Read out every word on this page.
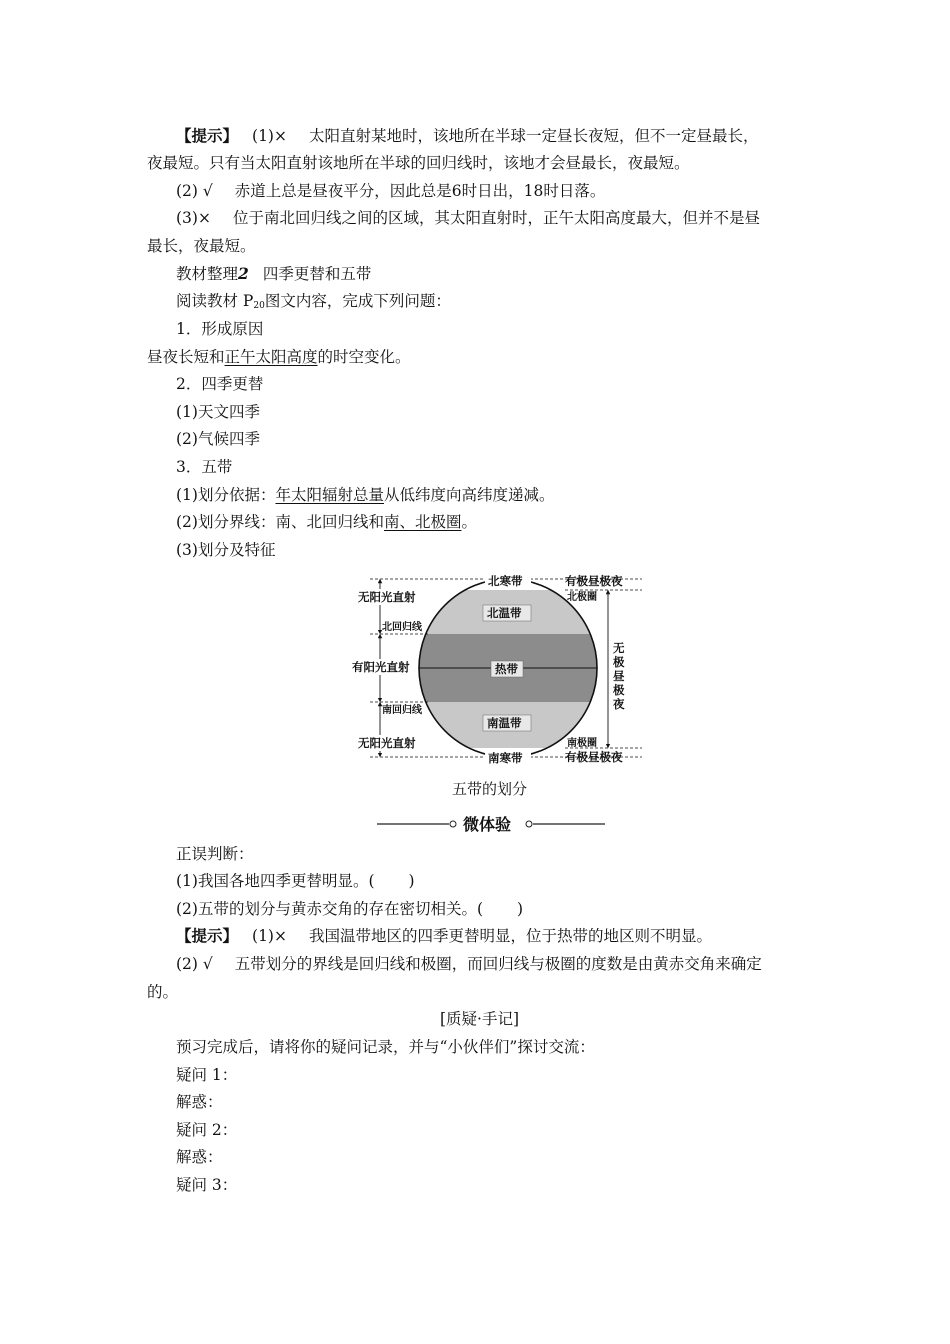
【提示】 (1)× 太阳直射某地时，该地所在半球一定昼长夜短，但不一定昼最长，
夜最短。只有当太阳直射该地所在半球的回归线时，该地才会昼最长，夜最短。
(2) √ 赤道上总是昼夜平分，因此总是6时日出，18时日落。
(3)× 位于南北回归线之间的区域，其太阳直射时，正午太阳高度最大，但并不是昼
最长，夜最短。
教材整理2 四季更替和五带
阅读教材 $P_{20}$图文内容，完成下列问题：
1．形成原因
昼夜长短和正午太阳高度的时空变化。
2．四季更替
(1)天文四季
(2)气候四季
3．五带
(1)划分依据：年太阳辐射总量从低纬度向高纬度递减。
(2)划分界线：南、北回归线和南、北极圈。
(3)划分及特征
无阳光直射
有阳光直射
无阳光直射
北回归线
南回归线
北极圈
南极圈
北寒带
北温带
热带
南温带
南寒带
有极昼极夜
有极昼极夜
无
极
昼
极
夜
五带的划分
微体验
正误判断：
(1)我国各地四季更替明显。( )
(2)五带的划分与黄赤交角的存在密切相关。( )
【提示】 (1)× 我国温带地区的四季更替明显，位于热带的地区则不明显。
(2) √ 五带划分的界线是回归线和极圈，而回归线与极圈的度数是由黄赤交角来确定
的。
[质疑·手记]
预习完成后，请将你的疑问记录，并与“小伙伴们”探讨交流：
疑问 1：
解惑：
疑问 2：
解惑：
疑问 3：
